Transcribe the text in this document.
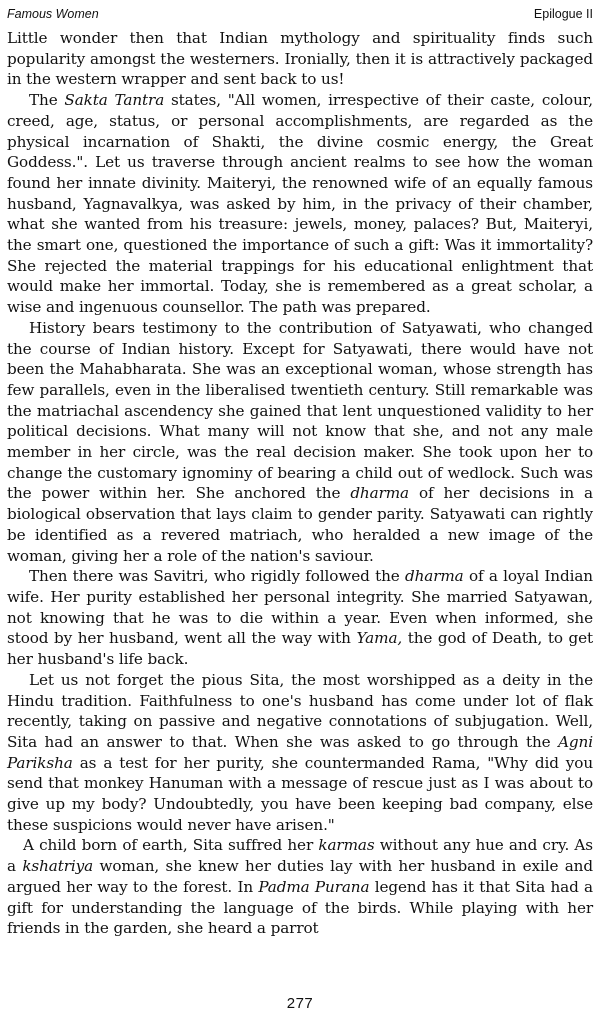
Famous Women	Epilogue II

Little wonder then that Indian mythology and spirituality finds such popularity amongst the westerners. Ironially, then it is attractively packaged in the western wrapper and sent back to us!

The Sakta Tantra states, "All women, irrespective of their caste, colour, creed, age, status, or personal accomplishments, are regarded as the physical incarnation of Shakti, the divine cosmic energy, the Great Goddess.". Let us traverse through ancient realms to see how the woman found her innate divinity. Maiteryi, the renowned wife of an equally famous husband, Yagnavalkya, was asked by him, in the privacy of their chamber, what she wanted from his treasure: jewels, money, palaces? But, Maiteryi, the smart one, questioned the importance of such a gift: Was it immortality? She rejected the material trappings for his educational enlightment that would make her immortal. Today, she is remembered as a great scholar, a wise and ingenuous counsellor. The path was prepared.

History bears testimony to the contribution of Satyawati, who changed the course of Indian history. Except for Satyawati, there would have not been the Mahabharata. She was an exceptional woman, whose strength has few parallels, even in the liberalised twentieth century. Still remarkable was the matriachal ascendency she gained that lent unquestioned validity to her political decisions. What many will not know that she, and not any male member in her circle, was the real decision maker. She took upon her to change the customary ignominy of bearing a child out of wedlock. Such was the power within her. She anchored the dharma of her decisions in a biological observation that lays claim to gender parity. Satyawati can rightly be identified as a revered matriach, who heralded a new image of the woman, giving her a role of the nation's saviour.

Then there was Savitri, who rigidly followed the dharma of a loyal Indian wife. Her purity established her personal integrity. She married Satyawan, not knowing that he was to die within a year. Even when informed, she stood by her husband, went all the way with Yama, the god of Death, to get her husband's life back.

Let us not forget the pious Sita, the most worshipped as a deity in the Hindu tradition. Faithfulness to one's husband has come under lot of flak recently, taking on passive and negative connotations of subjugation. Well, Sita had an answer to that. When she was asked to go through the Agni Pariksha as a test for her purity, she countermanded Rama, "Why did you send that monkey Hanuman with a message of rescue just as I was about to give up my body? Undoubtedly, you have been keeping bad company, else these suspicions would never have arisen."

A child born of earth, Sita suffred her karmas without any hue and cry. As a kshatriya woman, she knew her duties lay with her husband in exile and argued her way to the forest. In Padma Purana legend has it that Sita had a gift for understanding the language of the birds. While playing with her friends in the garden, she heard a parrot

277
